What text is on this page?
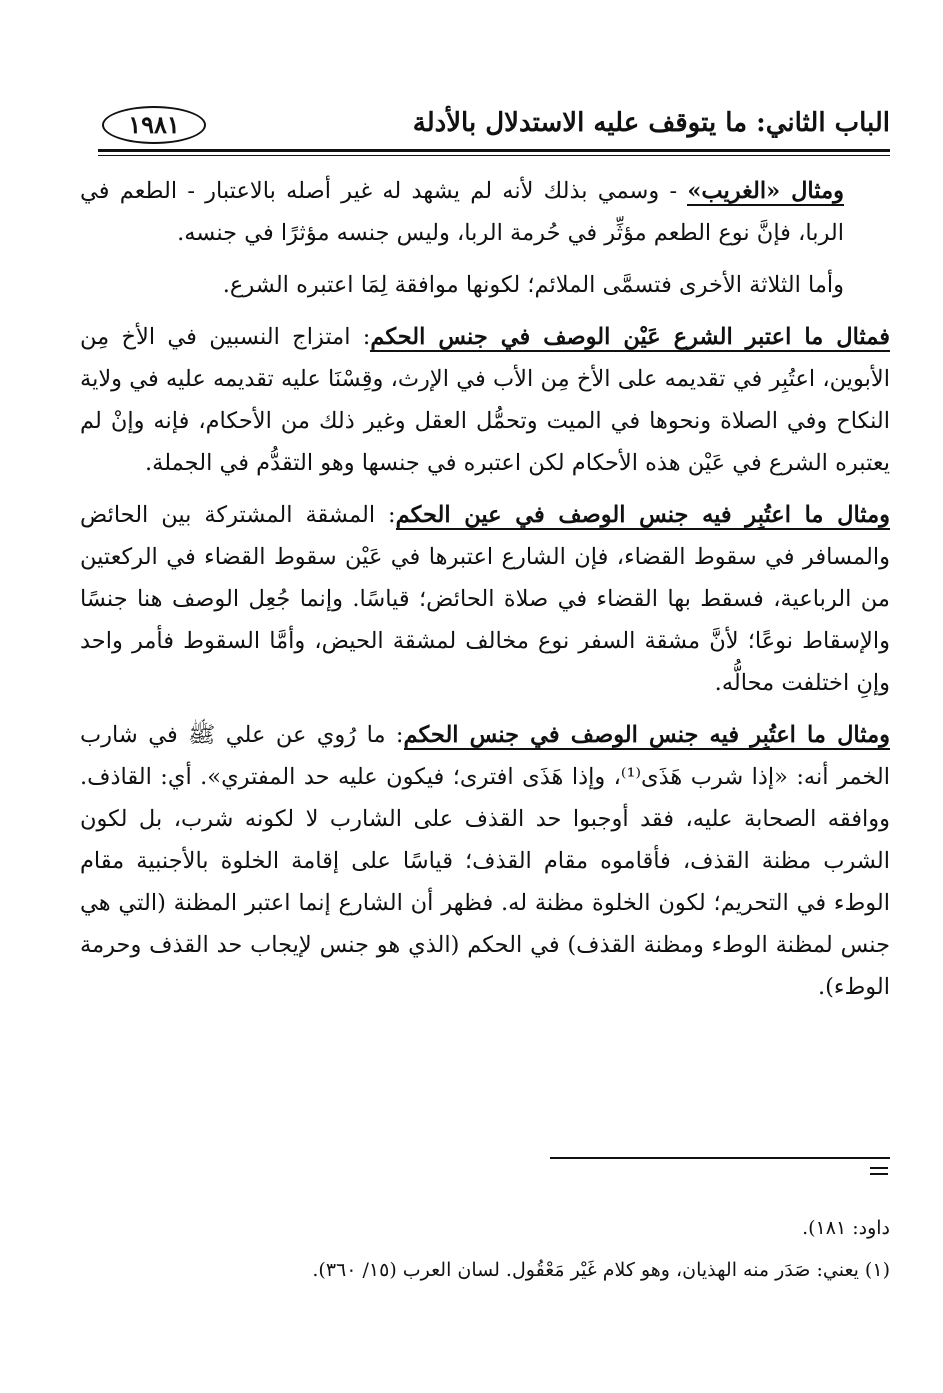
الباب الثاني: ما يتوقف عليه الاستدلال بالأدلة
١٩٨١

ومثال «الغريب» - وسمي بذلك لأنه لم يشهد له غير أصله بالاعتبار - الطعم في الربا، فإنَّ نوع الطعم مؤثِّر في حُرمة الربا، وليس جنسه مؤثرًا في جنسه.

وأما الثلاثة الأخرى فتسمَّى الملائم؛ لكونها موافقة لِمَا اعتبره الشرع.

فمثال ما اعتبر الشرع عَيْن الوصف في جنس الحكم: امتزاج النسبين في الأخ مِن الأبوين، اعتُبِر في تقديمه على الأخ مِن الأب في الإرث، وقِسْنَا عليه تقديمه عليه في ولاية النكاح وفي الصلاة ونحوها في الميت وتحمُّل العقل وغير ذلك من الأحكام، فإنه وإنْ لم يعتبره الشرع في عَيْن هذه الأحكام لكن اعتبره في جنسها وهو التقدُّم في الجملة.

ومثال ما اعتُبِر فيه جنس الوصف في عين الحكم: المشقة المشتركة بين الحائض والمسافر في سقوط القضاء، فإن الشارع اعتبرها في عَيْن سقوط القضاء في الركعتين من الرباعية، فسقط بها القضاء في صلاة الحائض؛ قياسًا. وإنما جُعِل الوصف هنا جنسًا والإسقاط نوعًا؛ لأنَّ مشقة السفر نوع مخالف لمشقة الحيض، وأمَّا السقوط فأمر واحد وإنِ اختلفت محالُّه.

ومثال ما اعتُبِر فيه جنس الوصف في جنس الحكم: ما رُوي عن علي ﷺ في شارب الخمر أنه: «إذا شرب هَذَى⁽¹⁾، وإذا هَذَى افترى؛ فيكون عليه حد المفتري». أي: القاذف. ووافقه الصحابة عليه، فقد أوجبوا حد القذف على الشارب لا لكونه شرب، بل لكون الشرب مظنة القذف، فأقاموه مقام القذف؛ قياسًا على إقامة الخلوة بالأجنبية مقام الوطء في التحريم؛ لكون الخلوة مظنة له. فظهر أن الشارع إنما اعتبر المظنة (التي هي جنس لمظنة الوطء ومظنة القذف) في الحكم (الذي هو جنس لإيجاب حد القذف وحرمة الوطء).

داود: ١٨١).

(١) يعني: صَدَر منه الهذيان، وهو كلام غَيْر مَعْقُول. لسان العرب (١٥/ ٣٦٠).
